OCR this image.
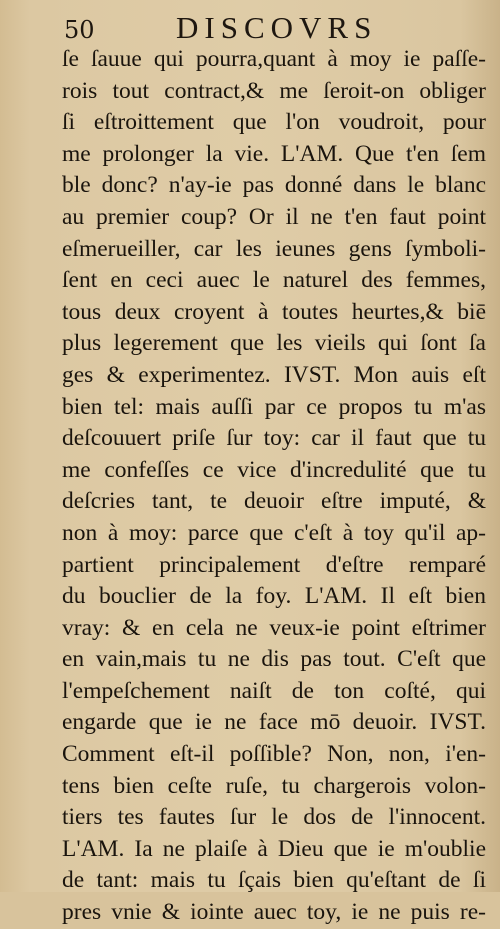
50	DISCOVRS
ſe ſauue qui pourra,quant à moy ie paſſe-
rois tout contract,& me ſeroit-on obliger
ſi eſtroittement que l'on voudroit, pour
me prolonger la vie. L'AM. Que t'en ſem
ble donc? n'ay-ie pas donné dans le blanc
au premier coup? Or il ne t'en faut point
eſmerueiller, car les ieunes gens ſymboli-
ſent en ceci auec le naturel des femmes,
tous deux croyent à toutes heurtes,& biē
plus legerement que les vieils qui ſont ſa
ges & experimentez. IVST. Mon auis eſt
bien tel: mais auſſi par ce propos tu m'as
deſcouuert priſe ſur toy: car il faut que tu
me confeſſes ce vice d'incredulité que tu
deſcries tant, te deuoir eſtre imputé, &
non à moy: parce que c'eſt à toy qu'il ap-
partient principalement d'eſtre remparé
du bouclier de la foy. L'AM. Il eſt bien
vray: & en cela ne veux-ie point eſtrimer
en vain,mais tu ne dis pas tout. C'eſt que
l'empeſchement naiſt de ton coſté, qui
engarde que ie ne face mō deuoir. IVST.
Comment eſt-il poſſible? Non, non, i'en-
tens bien ceſte ruſe, tu chargerois volon-
tiers tes fautes ſur le dos de l'innocent.
L'AM. Ia ne plaiſe à Dieu que ie m'oublie
de tant: mais tu ſçais bien qu'eſtant de ſi
pres vnie & iointe auec toy, ie ne puis re-
